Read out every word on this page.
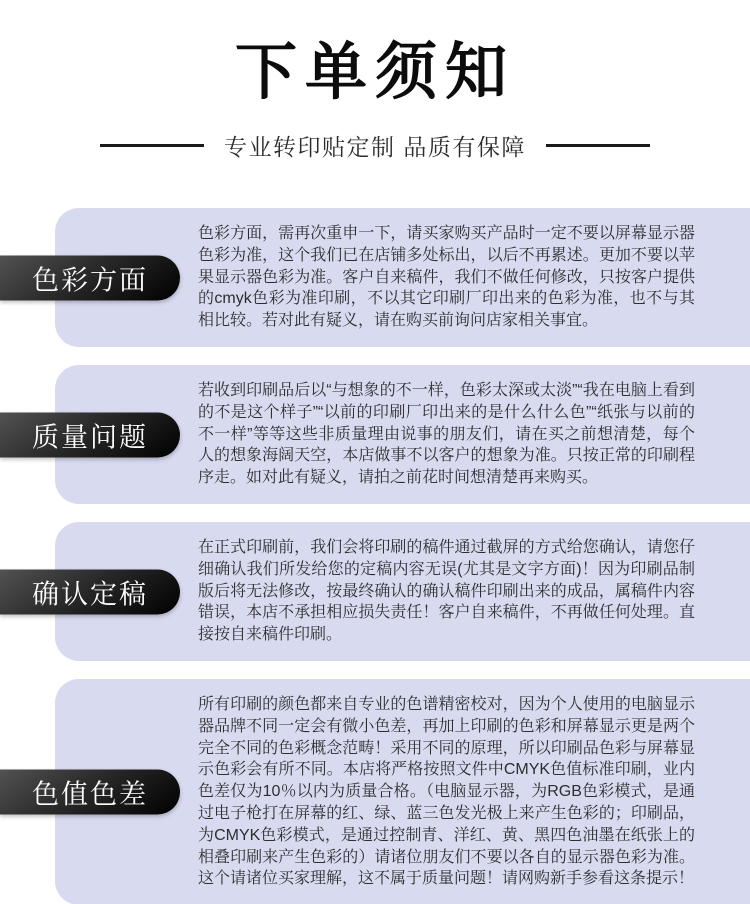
下单须知
专业转印贴定制 品质有保障

色彩方面，需再次重申一下，请买家购买产品时一定不要以屏幕显示器色彩为准，这个我们已在店铺多处标出，以后不再累述。更加不要以苹果显示器色彩为准。客户自来稿件，我们不做任何修改，只按客户提供的cmyk色彩为准印刷，不以其它印刷厂印出来的色彩为准，也不与其相比较。若对此有疑义，请在购买前询问店家相关事宜。

色彩方面

若收到印刷品后以“与想象的不一样，色彩太深或太淡”“我在电脑上看到的不是这个样子”“以前的印刷厂印出来的是什么什么色”“纸张与以前的不一样”等等这些非质量理由说事的朋友们，请在买之前想清楚，每个人的想象海阔天空，本店做事不以客户的想象为准。只按正常的印刷程序走。如对此有疑义，请拍之前花时间想清楚再来购买。

质量问题

在正式印刷前，我们会将印刷的稿件通过截屏的方式给您确认，请您仔细确认我们所发给您的定稿内容无误(尤其是文字方面)！因为印刷品制版后将无法修改，按最终确认的确认稿件印刷出来的成品，属稿件内容错误，本店不承担相应损失责任！客户自来稿件，不再做任何处理。直接按自来稿件印刷。

确认定稿

所有印刷的颜色都来自专业的色谱精密校对，因为个人使用的电脑显示器品牌不同一定会有微小色差，再加上印刷的色彩和屏幕显示更是两个完全不同的色彩概念范畴！采用不同的原理，所以印刷品色彩与屏幕显示色彩会有所不同。本店将严格按照文件中CMYK色值标准印刷，业内色差仅为10％以内为质量合格。（电脑显示器，为RGB色彩模式，是通过电子枪打在屏幕的红、绿、蓝三色发光极上来产生色彩的；印刷品，为CMYK色彩模式，是通过控制青、洋红、黄、黑四色油墨在纸张上的相叠印刷来产生色彩的）请诸位朋友们不要以各自的显示器色彩为准。这个请诸位买家理解，这不属于质量问题！请网购新手参看这条提示！

色值色差
